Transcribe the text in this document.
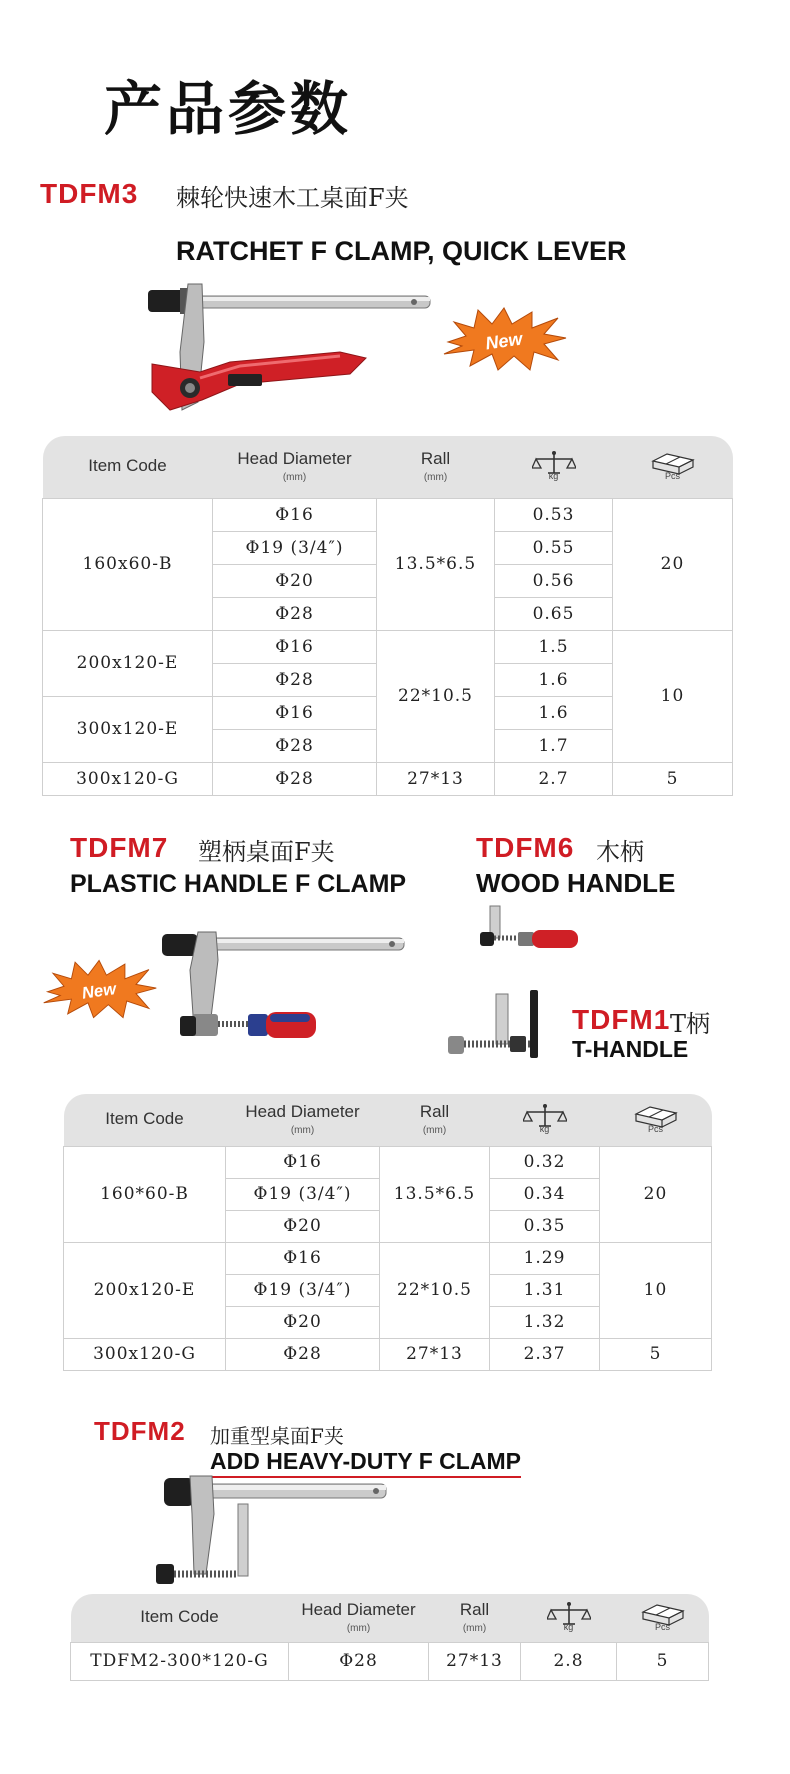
产品参数
TDFM3 棘轮快速木工桌面F夹
RATCHET F CLAMP, QUICK LEVER
New
Item Code	Head Diameter
(mm)	Rall
(mm)	kg	Pcs

160x60-B	Φ16	13.5*6.5	0.53	20
	Φ19 (3/4″)		0.55	
	Φ20		0.56	
	Φ28		0.65	
200x120-E	Φ16	22*10.5	1.5	10
	Φ28		1.6	
300x120-E	Φ16		1.6	
	Φ28		1.7	
300x120-G	Φ28	27*13	2.7	5
TDFM7 塑柄桌面F夹
PLASTIC HANDLE F CLAMP
TDFM6 木柄
WOOD HANDLE
New
TDFM1 T柄
T-HANDLE
Item Code	Head Diameter
(mm)	Rall
(mm)	kg	Pcs

160*60-B	Φ16	13.5*6.5	0.32	20
	Φ19 (3/4″)		0.34	
	Φ20		0.35	
200x120-E	Φ16	22*10.5	1.29	10
	Φ19 (3/4″)		1.31	
	Φ20		1.32	
300x120-G	Φ28	27*13	2.37	5
TDFM2 加重型桌面F夹
ADD HEAVY-DUTY F CLAMP
Item Code	Head Diameter
(mm)	Rall
(mm)	kg	Pcs

TDFM2-300*120-G	Φ28	27*13	2.8	5
